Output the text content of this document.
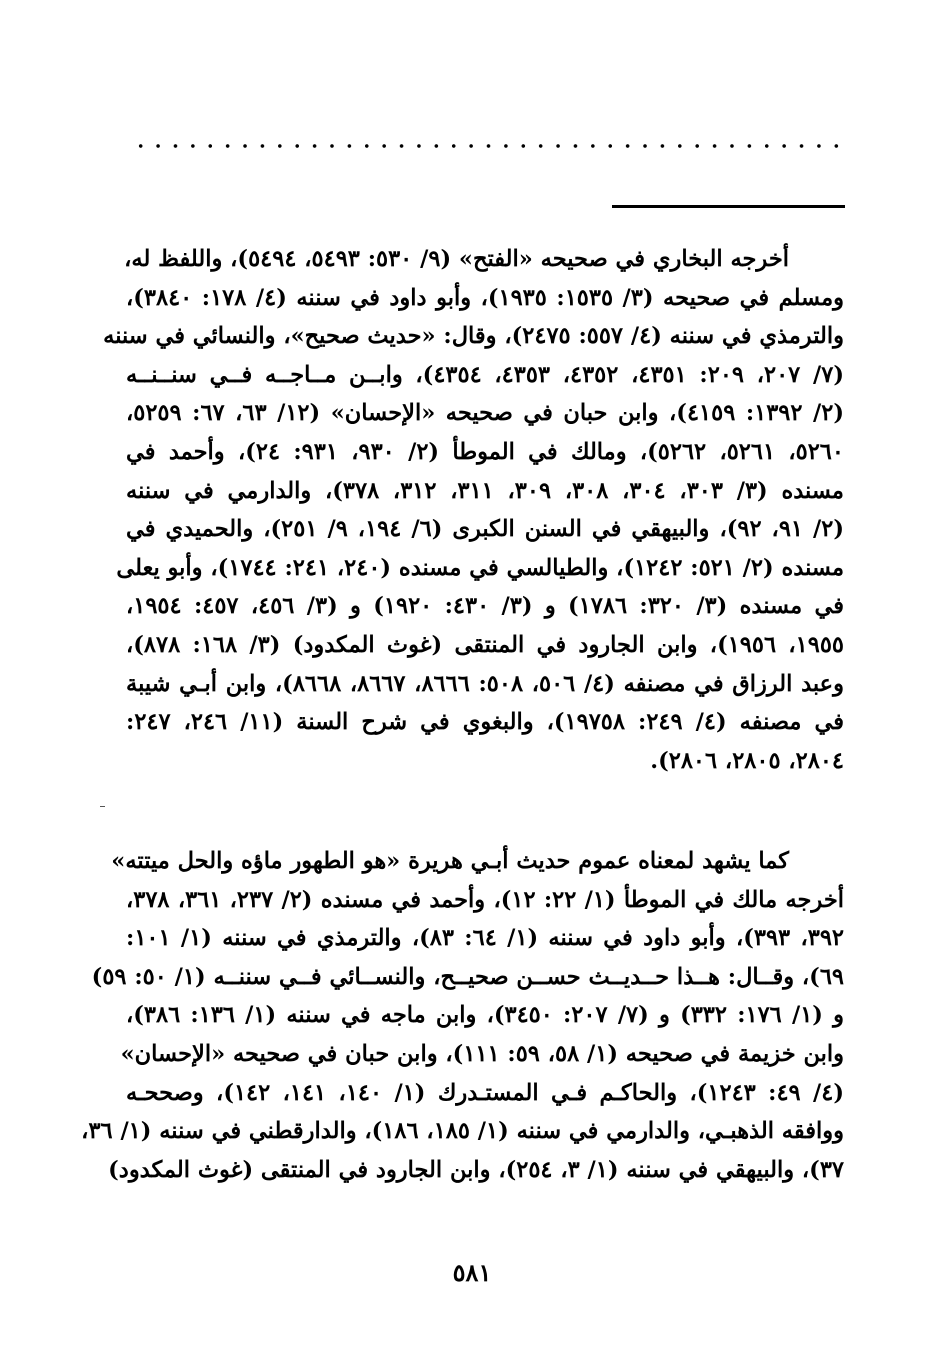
أخرجه البخاري في صحيحه «الفتح» (٩/ ٥٣٠: ٥٤٩٣، ٥٤٩٤)، واللفظ له،
ومسلم في صحيحه (٣/ ١٥٣٥: ١٩٣٥)، وأبو داود في سننه (٤/ ١٧٨: ٣٨٤٠)،
والترمذي في سننه (٤/ ٥٥٧: ٢٤٧٥)، وقال: «حديث صحيح»، والنسائي في سننه
(٧/ ٢٠٧، ٢٠٩: ٤٣٥١، ٤٣٥٢، ٤٣٥٣، ٤٣٥٤)، وابــن مــاجــه فــي سنــنــه
(٢/ ١٣٩٢: ٤١٥٩)، وابن حبان في صحيحه «الإحسان» (١٢/ ٦٣، ٦٧: ٥٢٥٩،
٥٢٦٠، ٥٢٦١، ٥٢٦٢)، ومالك في الموطأ (٢/ ٩٣٠، ٩٣١: ٢٤)، وأحمد في
مسنده (٣/ ٣٠٣، ٣٠٤، ٣٠٨، ٣٠٩، ٣١١، ٣١٢، ٣٧٨)، والدارمي في سننه
(٢/ ٩١، ٩٢)، والبيهقي في السنن الكبرى (٦/ ١٩٤، ٩/ ٢٥١)، والحميدي في
مسنده (٢/ ٥٢١: ١٢٤٢)، والطيالسي في مسنده (٢٤٠، ٢٤١: ١٧٤٤)، وأبو يعلى
في مسنده (٣/ ٣٢٠: ١٧٨٦) و (٣/ ٤٣٠: ١٩٢٠) و (٣/ ٤٥٦، ٤٥٧: ١٩٥٤،
١٩٥٥، ١٩٥٦)، وابن الجارود في المنتقى (غوث المكدود) (٣/ ١٦٨: ٨٧٨)،
وعبد الرزاق في مصنفه (٤/ ٥٠٦، ٥٠٨: ٨٦٦٦، ٨٦٦٧، ٨٦٦٨)، وابن أبـي شيبة
في مصنفه (٤/ ٢٤٩: ١٩٧٥٨)، والبغوي في شرح السنة (١١/ ٢٤٦، ٢٤٧:
٢٨٠٤، ٢٨٠٥، ٢٨٠٦).
كما يشهد لمعناه عموم حديث أبـي هريرة «هو الطهور ماؤه والحل ميتته»
أخرجه مالك في الموطأ (١/ ٢٢: ١٢)، وأحمد في مسنده (٢/ ٢٣٧، ٣٦١، ٣٧٨،
٣٩٢، ٣٩٣)، وأبو داود في سننه (١/ ٦٤: ٨٣)، والترمذي في سننه (١/ ١٠١:
٦٩)، وقــال: هــذا حــديــث حســن صحيــح، والنســائي فــي سننــه (١/ ٥٠: ٥٩)
و (١/ ١٧٦: ٣٣٢) و (٧/ ٢٠٧: ٣٤٥٠)، وابن ماجه في سننه (١/ ١٣٦: ٣٨٦)،
وابن خزيمة في صحيحه (١/ ٥٨، ٥٩: ١١١)، وابن حبان في صحيحه «الإحسان»
(٤/ ٤٩: ١٢٤٣)، والحاكـم فـي المستـدرك (١/ ١٤٠، ١٤١، ١٤٢)، وصححـه
ووافقه الذهبـي، والدارمي في سننه (١/ ١٨٥، ١٨٦)، والدارقطني في سننه (١/ ٣٦،
٣٧)، والبيهقي في سننه (١/ ٣، ٢٥٤)، وابن الجارود في المنتقى (غوث المكدود)
٥٨١
